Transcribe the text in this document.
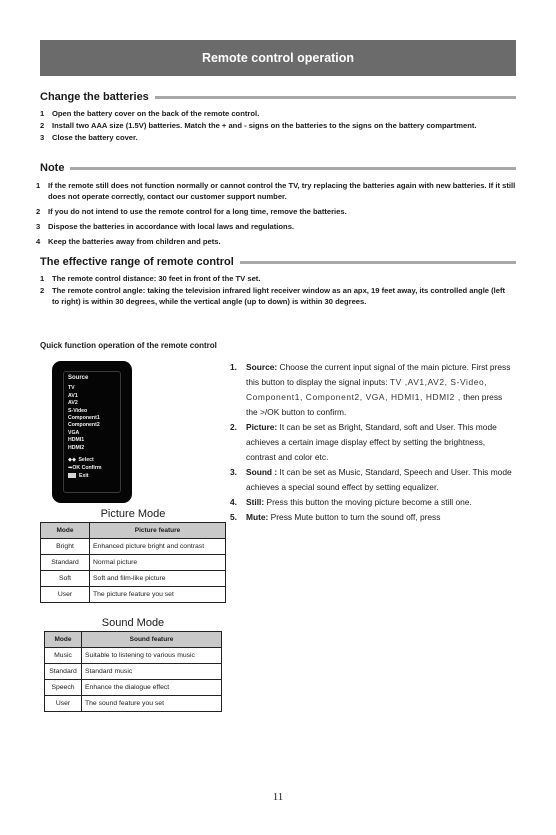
Remote control operation
Change the batteries
1 Open the battery cover on the back of the remote control.
2 Install two AAA size (1.5V) batteries. Match the + and - signs on the batteries to the signs on the battery compartment.
3 Close the battery cover.
Note
1 If the remote still does not function normally or cannot control the TV, try replacing the batteries again with new batteries. If it still does not operate correctly, contact our customer support number.
2 If you do not intend to use the remote control for a long time, remove the batteries.
3 Dispose the batteries in accordance with local laws and regulations.
4 Keep the batteries away from children and pets.
The effective range of remote control
1 The remote control distance: 30 feet in front of the TV set.
2 The remote control angle: taking the television infrared light receiver window as an apx, 19 feet away, its controlled angle (left to right) is within 30 degrees, while the vertical angle (up to down) is within 30 degrees.
Quick function operation of the remote control
Source
TV
AV1
AV2
S-Video
Component1
Component2
VGA
HDMI1
HDMI2
◆◆ Select
➡OK Confirm
Exit
Picture Mode
Mode	Picture feature
Bright	Enhanced picture bright and contrast
Standard	Normal picture
Soft	Soft and film-like picture
User	The picture feature you set
Sound Mode
Mode	Sound feature
Music	Suitable to listening to various music
Standard	Standard music
Speech	Enhance the dialogue effect
User	The sound feature you set
1. Source: Choose the current input signal of the main picture. First press this button to display the signal inputs: TV ,AV1,AV2, S-Video, Component1, Component2, VGA, HDMI1, HDMI2 , then press the >/OK button to confirm.
2. Picture: It can be set as Bright, Standard, soft and User. This mode achieves a certain image display effect by setting the brightness, contrast and color etc.
3. Sound : It can be set as Music, Standard, Speech and User. This mode achieves a special sound effect by setting equalizer.
4. Still: Press this button the moving picture become a still one.
5. Mute: Press Mute button to turn the sound off, press
11
